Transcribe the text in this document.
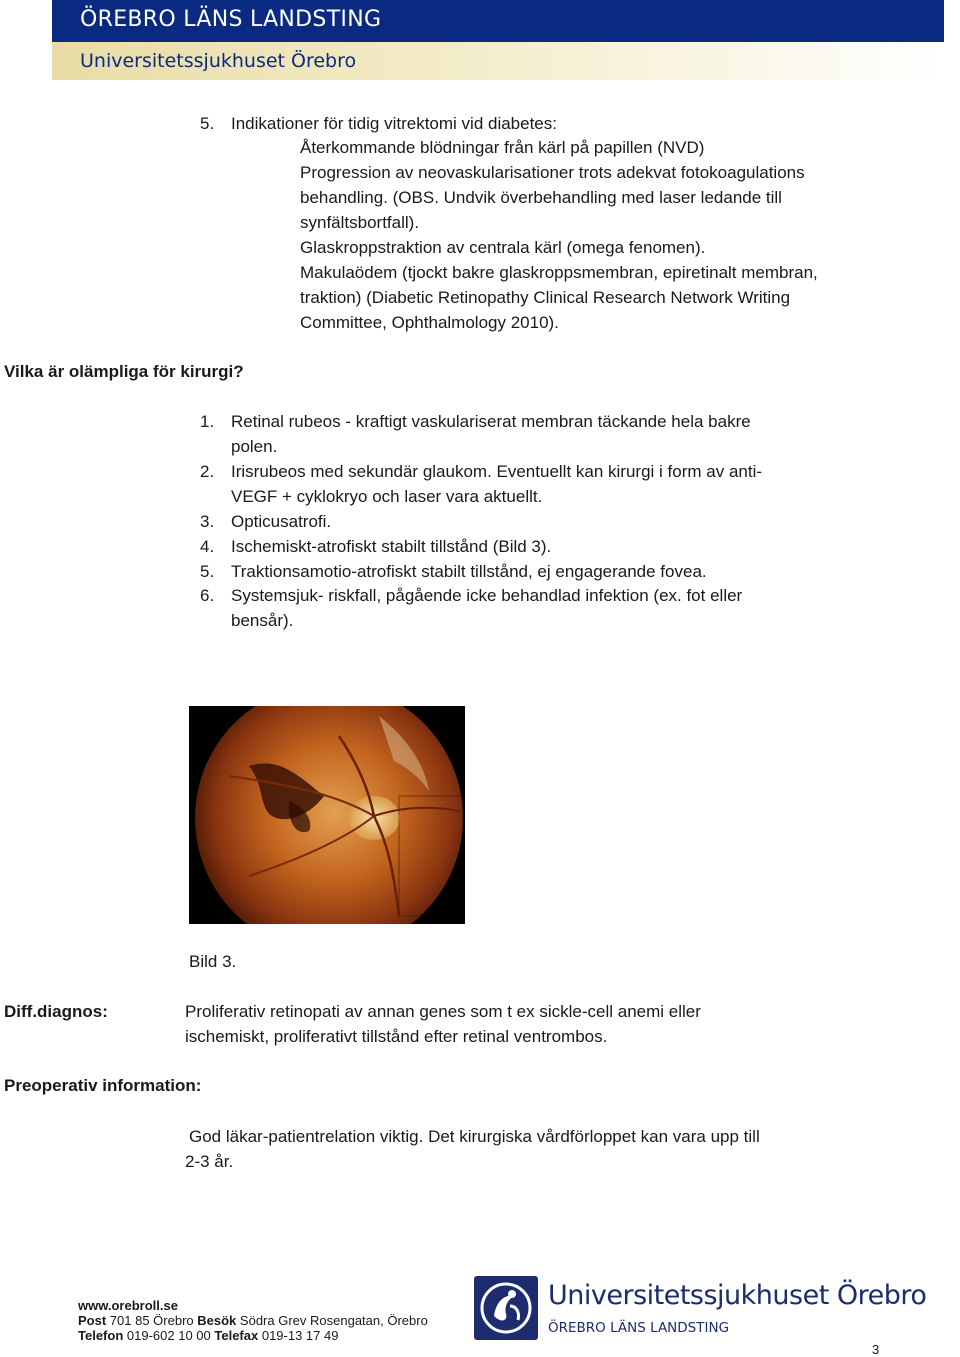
ÖREBRO LÄNS LANDSTING
Universitetssjukhuset Örebro
5. Indikationer för tidig vitrektomi vid diabetes:
Återkommande blödningar från kärl på papillen (NVD)
Progression av neovaskularisationer trots adekvat fotokoagulations
behandling. (OBS. Undvik överbehandling med laser ledande till
synfältsbortfall).
Glaskroppstraktion av centrala kärl (omega fenomen).
Makulaödem (tjockt bakre glaskroppsmembran, epiretinalt membran,
traktion) (Diabetic Retinopathy Clinical Research Network Writing
Committee, Ophthalmology 2010).
Vilka är olämpliga för kirurgi?
1. Retinal rubeos - kraftigt vaskulariserat membran täckande hela bakre
polen.
2. Irisrubeos med sekundär glaukom. Eventuellt kan kirurgi i form av anti-
VEGF + cyklokryo och laser vara aktuellt.
3. Opticusatrofi.
4. Ischemiskt-atrofiskt stabilt tillstånd (Bild 3).
5. Traktionsamotio-atrofiskt stabilt tillstånd, ej engagerande fovea.
6. Systemsjuk- riskfall, pågående icke behandlad infektion (ex. fot eller
bensår).
Bild 3.
Diff.diagnos:	Proliferativ retinopati av annan genes som t ex sickle-cell anemi eller
ischemiskt, proliferativt tillstånd efter retinal ventrombos.
Preoperativ information:
God läkar-patientrelation viktig. Det kirurgiska vårdförloppet kan vara upp till
2-3 år.
www.orebroll.se
Post 701 85 Örebro Besök Södra Grev Rosengatan, Örebro
Telefon 019-602 10 00 Telefax 019-13 17 49
Universitetssjukhuset Örebro
ÖREBRO LÄNS LANDSTING
3
